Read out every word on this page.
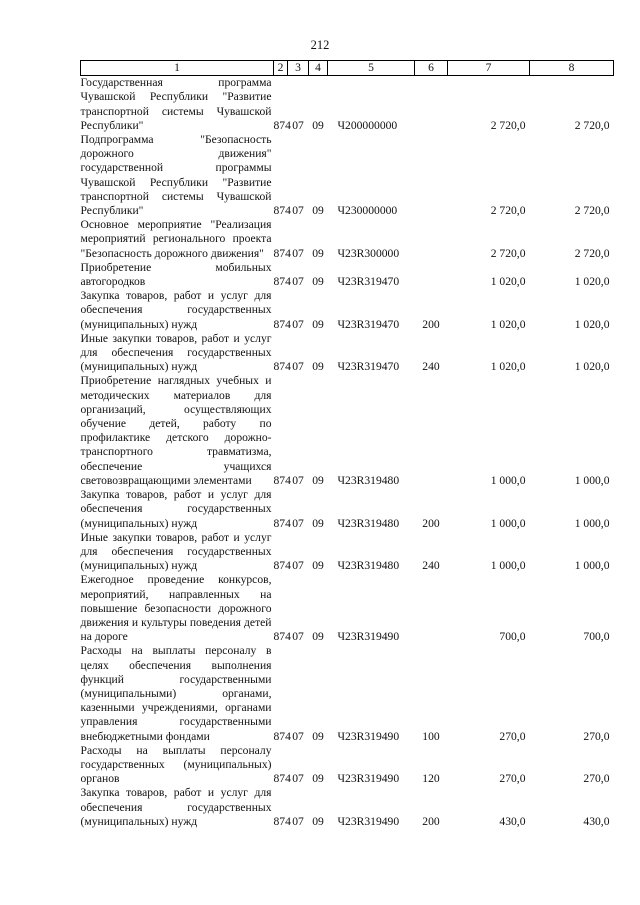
212
1	2	3	4	5	6	7	8
Государственная программа Чувашской Республики "Развитие транспортной системы Чувашской Республики"	874	07	09	Ч200000000		2 720,0	2 720,0
Подпрограмма "Безопасность дорожного движения" государственной программы Чувашской Республики "Развитие транспортной системы Чувашской Республики"	874	07	09	Ч230000000		2 720,0	2 720,0
Основное мероприятие "Реализация мероприятий регионального проекта "Безопасность дорожного движения"	874	07	09	Ч23R300000		2 720,0	2 720,0
Приобретение мобильных автогородков	874	07	09	Ч23R319470		1 020,0	1 020,0
Закупка товаров, работ и услуг для обеспечения государственных (муниципальных) нужд	874	07	09	Ч23R319470	200	1 020,0	1 020,0
Иные закупки товаров, работ и услуг для обеспечения государственных (муниципальных) нужд	874	07	09	Ч23R319470	240	1 020,0	1 020,0
Приобретение наглядных учебных и методических материалов для организаций, осуществляющих обучение детей, работу по профилактике детского дорожно-транспортного травматизма, обеспечение учащихся световозвращающими элементами	874	07	09	Ч23R319480		1 000,0	1 000,0
Закупка товаров, работ и услуг для обеспечения государственных (муниципальных) нужд	874	07	09	Ч23R319480	200	1 000,0	1 000,0
Иные закупки товаров, работ и услуг для обеспечения государственных (муниципальных) нужд	874	07	09	Ч23R319480	240	1 000,0	1 000,0
Ежегодное проведение конкурсов, мероприятий, направленных на повышение безопасности дорожного движения и культуры поведения детей на дороге	874	07	09	Ч23R319490		700,0	700,0
Расходы на выплаты персоналу в целях обеспечения выполнения функций государственными (муниципальными) органами, казенными учреждениями, органами управления государственными внебюджетными фондами	874	07	09	Ч23R319490	100	270,0	270,0
Расходы на выплаты персоналу государственных (муниципальных) органов	874	07	09	Ч23R319490	120	270,0	270,0
Закупка товаров, работ и услуг для обеспечения государственных (муниципальных) нужд	874	07	09	Ч23R319490	200	430,0	430,0
